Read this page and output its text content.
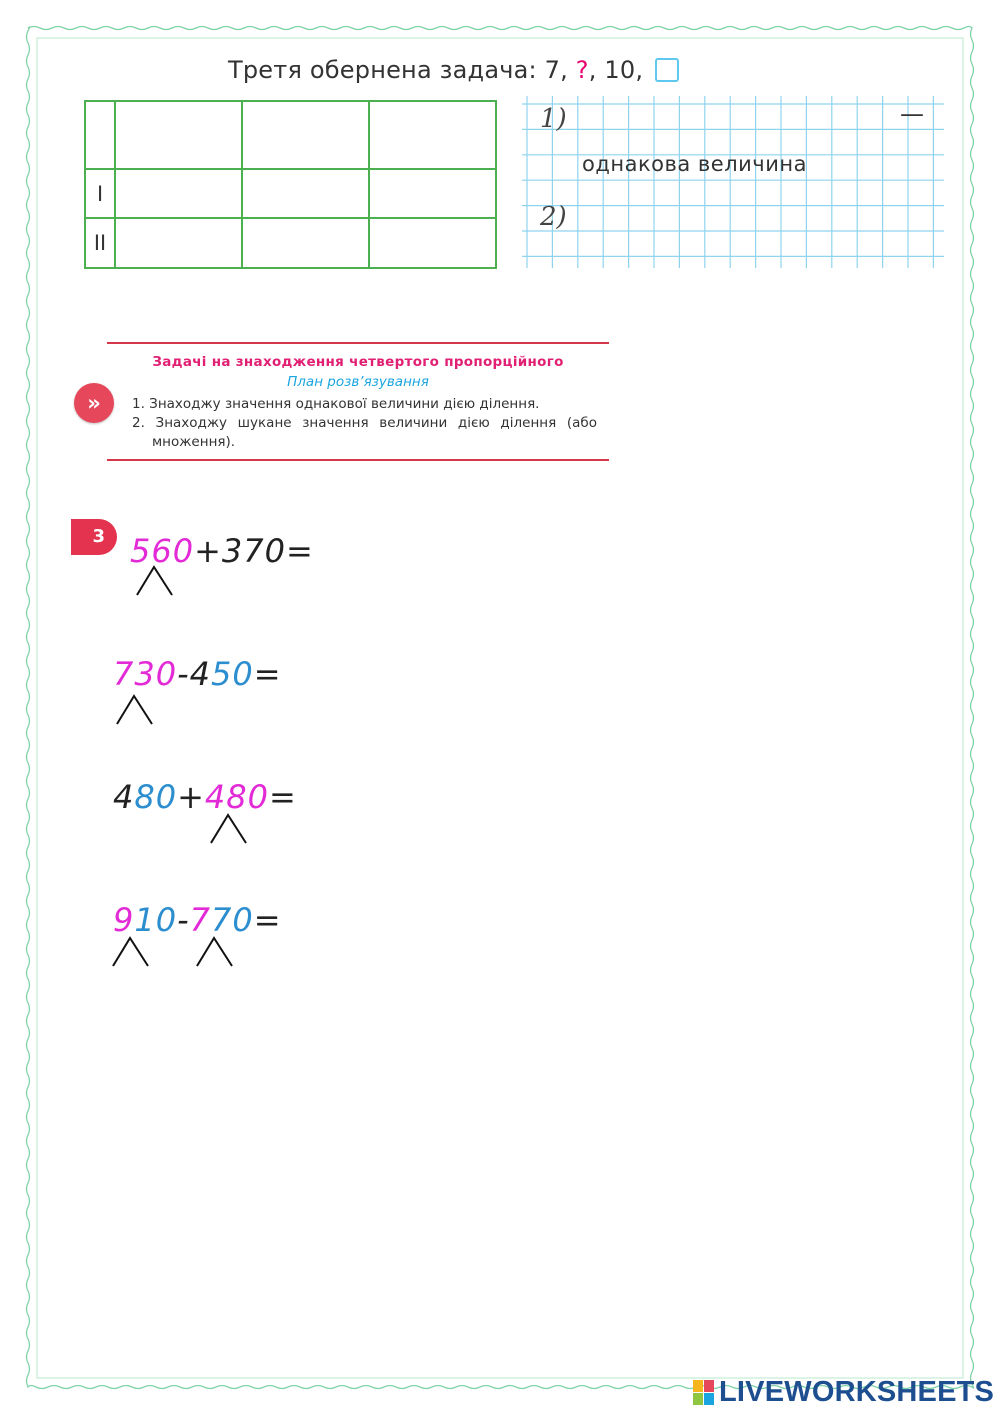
Третя обернена задача: 7, ?, 10,

I			
II			
1)
2)
—
однакова величина
»
Задачі на знаходження четвертого пропорційного
План розв’язування
1. Знаходжу значення однакової величини дією ділення.
2. Знаходжу шукане значення величини дією ділення (або множення).
3 560+370=
730-450=
480+480=
910-770=
LIVEWORKSHEETS
